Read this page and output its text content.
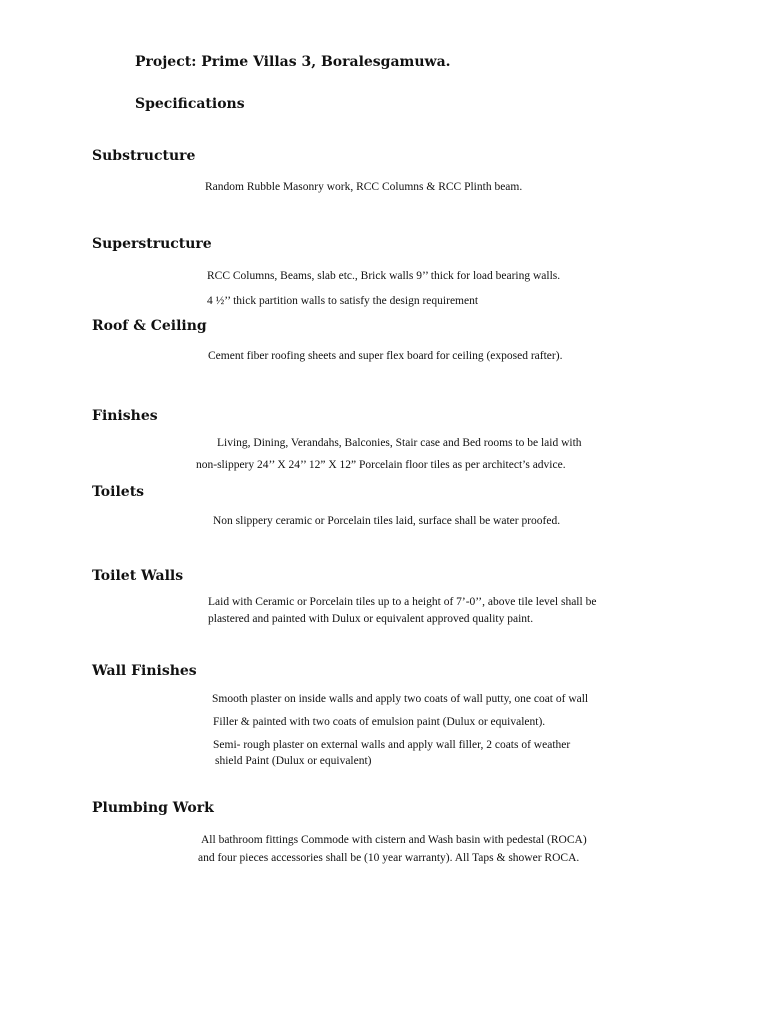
Project: Prime Villas 3, Boralesgamuwa.
Specifications
Substructure
Random Rubble Masonry work, RCC Columns & RCC Plinth beam.
Superstructure
RCC Columns, Beams, slab etc., Brick walls 9’’ thick for load bearing walls.
4 ½’’ thick partition walls to satisfy the design requirement
Roof & Ceiling
Cement fiber roofing sheets and super flex board for ceiling (exposed rafter).
Finishes
Living, Dining, Verandahs, Balconies, Stair case and Bed rooms to be laid with
non-slippery 24’’ X 24’’ 12” X 12” Porcelain floor tiles as per architect’s advice.
Toilets
Non slippery ceramic or Porcelain tiles laid, surface shall be water proofed.
Toilet Walls
Laid with Ceramic or Porcelain tiles up to a height of 7’-0’’, above tile level shall be
plastered and painted with Dulux or equivalent approved quality paint.
Wall Finishes
Smooth plaster on inside walls and apply two coats of wall putty, one coat of wall
Filler & painted with two coats of emulsion paint (Dulux or equivalent).
Semi- rough plaster on external walls and apply wall filler, 2 coats of weather
shield Paint (Dulux or equivalent)
Plumbing Work
All bathroom fittings Commode with cistern and Wash basin with pedestal (ROCA)
and four pieces accessories shall be (10 year warranty). All Taps & shower ROCA.
